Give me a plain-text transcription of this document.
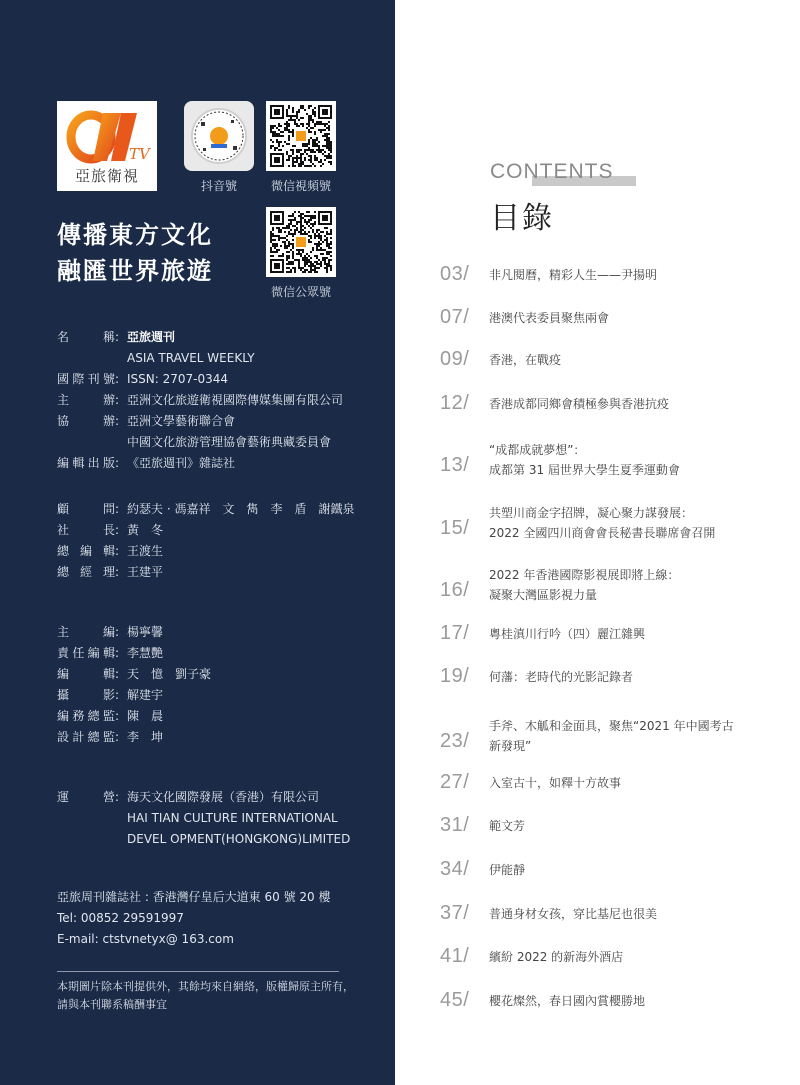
TV
亞旅衛視
抖音號	微信視頻號
微信公眾號
傳播東方文化
融匯世界旅遊
名　稱 : 亞旅週刊
ASIA TRAVEL WEEKLY
國際刊號 : ISSN: 2707-0344
主　辦 : 亞洲文化旅遊衛視國際傳媒集團有限公司
協　辦 : 亞洲文學藝術聯合會
中國文化旅游管理協會藝術典藏委員會
編輯出版 : 《亞旅週刊》雜誌社
顧　問 : 約瑟夫 · 馮嘉祥　文　雋　李　盾　謝鐵泉
社　長 : 黃　冬
總編輯 : 王渡生
總經理 : 王建平
主　編 : 楊寧馨
責任編輯 : 李慧艷
編　輯 : 天　憶　劉子豪
攝　影 : 解建宇
編務總監 : 陳　晨
設計總監 : 李　坤
運　營 : 海天文化國際發展（香港）有限公司
HAI TIAN CULTURE INTERNATIONAL
DEVEL OPMENT(HONGKONG)LIMITED
亞旅周刊雜誌社 : 香港灣仔皇后大道東 60 號 20 樓
Tel: 00852 29591997
E-mail: ctstvnetyx@ 163.com
本期圖片除本刊提供外，其餘均來自網絡，版權歸原主所有，
請與本刊聯系稿酬事宜
CONTENTS
目錄
03/ 非凡閱曆，精彩人生——尹揚明
07/ 港澳代表委員聚焦兩會
09/ 香港，在戰疫
12/ 香港成都同鄉會積極參與香港抗疫
13/
“成都成就夢想”：
成都第 31 屆世界大學生夏季運動會
15/
共塑川商金字招牌，凝心聚力謀發展：
2022 全國四川商會會長秘書長聯席會召開
16/
2022 年香港國際影視展即將上線：
凝聚大灣區影視力量
17/ 粵桂滇川行吟（四）麗江雜興
19/ 何藩：老時代的光影記錄者
23/
手斧、木觚和金面具，聚焦“2021 年中國考古
新發現”
27/ 入室古十，如釋十方故事
31/ 範文芳
34/ 伊能靜
37/ 普通身材女孩，穿比基尼也很美
41/ 繽紛 2022 的新海外酒店
45/ 櫻花燦然，春日國內賞櫻勝地
